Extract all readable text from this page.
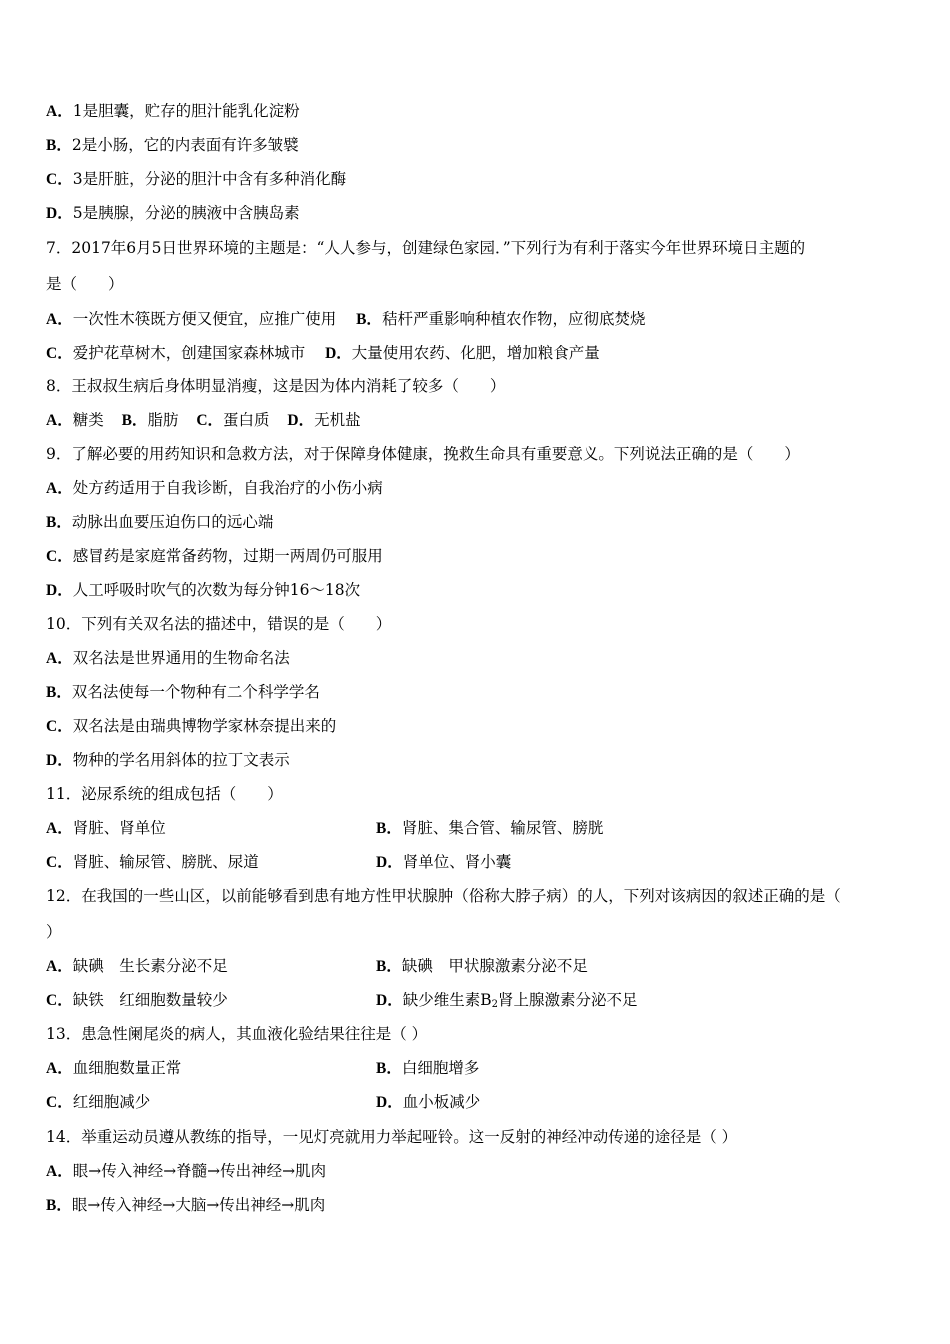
A．1是胆囊，贮存的胆汁能乳化淀粉
B．2是小肠，它的内表面有许多皱襞
C．3是肝脏，分泌的胆汁中含有多种消化酶
D．5是胰腺，分泌的胰液中含胰岛素
7．2017年6月5日世界环境的主题是：“人人参与，创建绿色家园．”下列行为有利于落实今年世界环境日主题的
是（　　）
A．一次性木筷既方便又便宜，应推广使用 B．秸杆严重影响种植农作物，应彻底焚烧
C．爱护花草树木，创建国家森林城市 D．大量使用农药、化肥，增加粮食产量
8．王叔叔生病后身体明显消瘦，这是因为体内消耗了较多（　　）
A．糖类 B．脂肪 C．蛋白质 D．无机盐
9．了解必要的用药知识和急救方法，对于保障身体健康，挽救生命具有重要意义。下列说法正确的是（　　）
A．处方药适用于自我诊断，自我治疗的小伤小病
B．动脉出血要压迫伤口的远心端
C．感冒药是家庭常备药物，过期一两周仍可服用
D．人工呼吸时吹气的次数为每分钟16～18次
10．下列有关双名法的描述中，错误的是（　　）
A．双名法是世界通用的生物命名法
B．双名法使每一个物种有二个科学学名
C．双名法是由瑞典博物学家林奈提出来的
D．物种的学名用斜体的拉丁文表示
11．泌尿系统的组成包括（　　）
A．肾脏、肾单位	B．肾脏、集合管、输尿管、膀胱
C．肾脏、输尿管、膀胱、尿道	D．肾单位、肾小囊
12．在我国的一些山区，以前能够看到患有地方性甲状腺肿（俗称大脖子病）的人，下列对该病因的叙述正确的是（
）
A．缺碘　生长素分泌不足	B．缺碘　甲状腺激素分泌不足
C．缺铁　红细胞数量较少	D．缺少维生素$B_2$肾上腺激素分泌不足
13．患急性阑尾炎的病人，其血液化验结果往往是（ ）
A．血细胞数量正常	B．白细胞增多
C．红细胞减少	D．血小板减少
14．举重运动员遵从教练的指导，一见灯亮就用力举起哑铃。这一反射的神经冲动传递的途径是（ ）
A．眼→传入神经→脊髓→传出神经→肌肉
B．眼→传入神经→大脑→传出神经→肌肉
